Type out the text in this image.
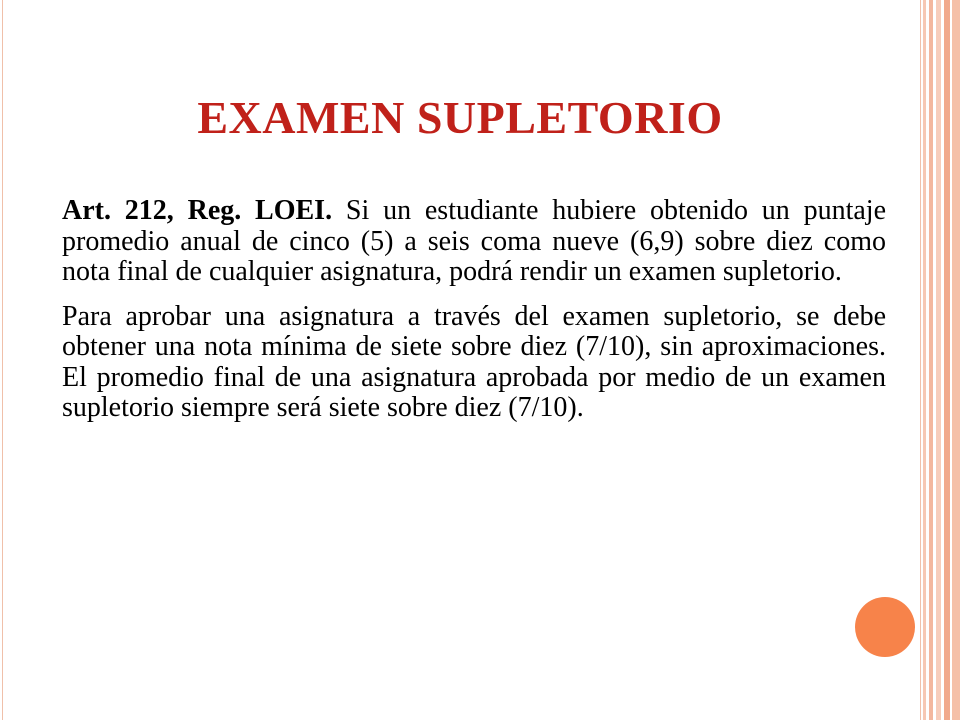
EXAMEN SUPLETORIO

Art. 212, Reg. LOEI. Si un estudiante hubiere obtenido un puntaje promedio anual de cinco (5) a seis coma nueve (6,9) sobre diez como nota final de cualquier asignatura, podrá rendir un examen supletorio.

Para aprobar una asignatura a través del examen supletorio, se debe obtener una nota mínima de siete sobre diez (7/10), sin aproximaciones. El promedio final de una asignatura aprobada por medio de un examen supletorio siempre será siete sobre diez (7/10).
